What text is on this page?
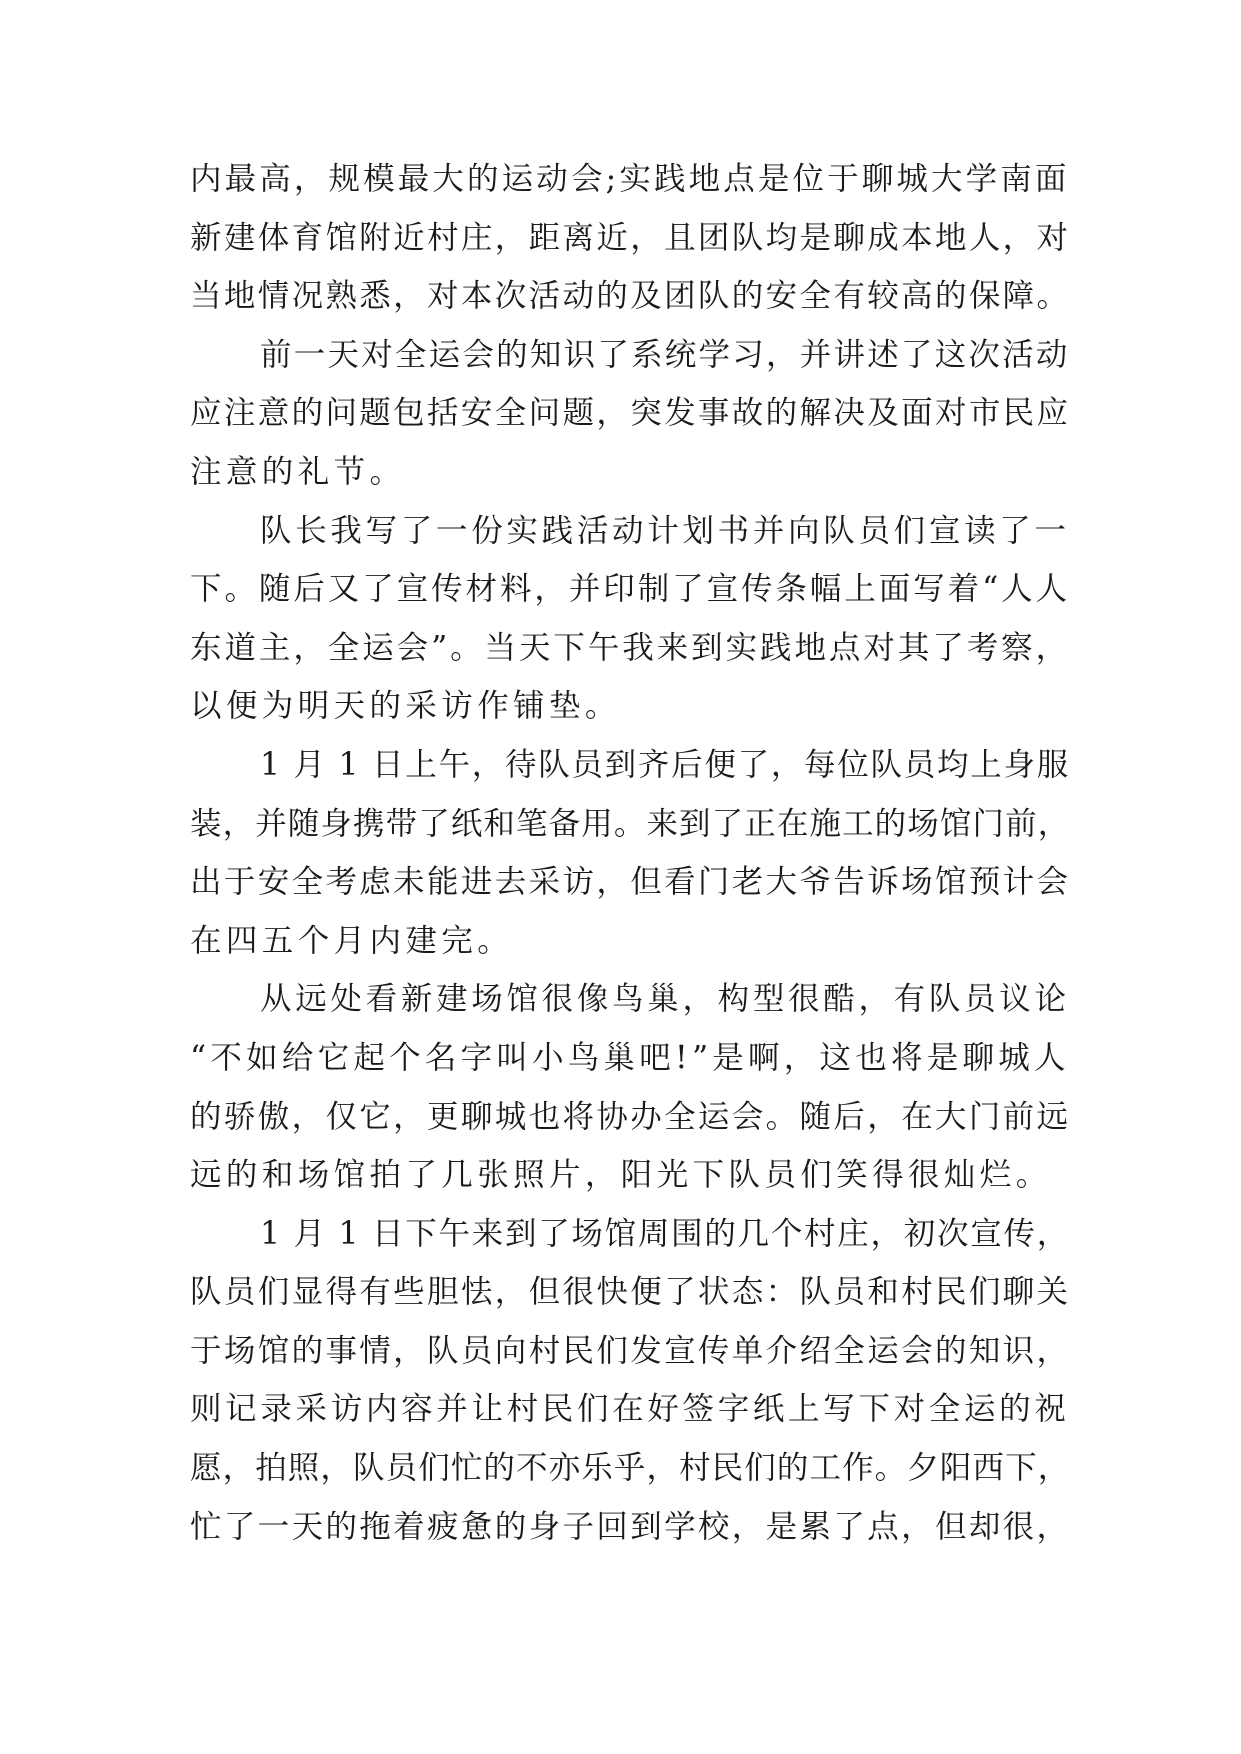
内最高，规模最大的运动会;实践地点是位于聊城大学南面
新建体育馆附近村庄，距离近，且团队均是聊成本地人，对
当地情况熟悉，对本次活动的及团队的安全有较高的保障。
前一天对全运会的知识了系统学习，并讲述了这次活动
应注意的问题包括安全问题，突发事故的解决及面对市民应
注意的礼节。
队长我写了一份实践活动计划书并向队员们宣读了一
下。随后又了宣传材料，并印制了宣传条幅上面写着“人人
东道主，全运会”。当天下午我来到实践地点对其了考察，
以便为明天的采访作铺垫。
1 月 1 日上午，待队员到齐后便了，每位队员均上身服
装，并随身携带了纸和笔备用。来到了正在施工的场馆门前，
出于安全考虑未能进去采访，但看门老大爷告诉场馆预计会
在四五个月内建完。
从远处看新建场馆很像鸟巢，构型很酷，有队员议论
“不如给它起个名字叫小鸟巢吧!”是啊，这也将是聊城人
的骄傲，仅它，更聊城也将协办全运会。随后，在大门前远
远的和场馆拍了几张照片，阳光下队员们笑得很灿烂。
1 月 1 日下午来到了场馆周围的几个村庄，初次宣传，
队员们显得有些胆怯，但很快便了状态：队员和村民们聊关
于场馆的事情，队员向村民们发宣传单介绍全运会的知识，
则记录采访内容并让村民们在好签字纸上写下对全运的祝
愿，拍照，队员们忙的不亦乐乎，村民们的工作。夕阳西下，
忙了一天的拖着疲惫的身子回到学校，是累了点，但却很，
